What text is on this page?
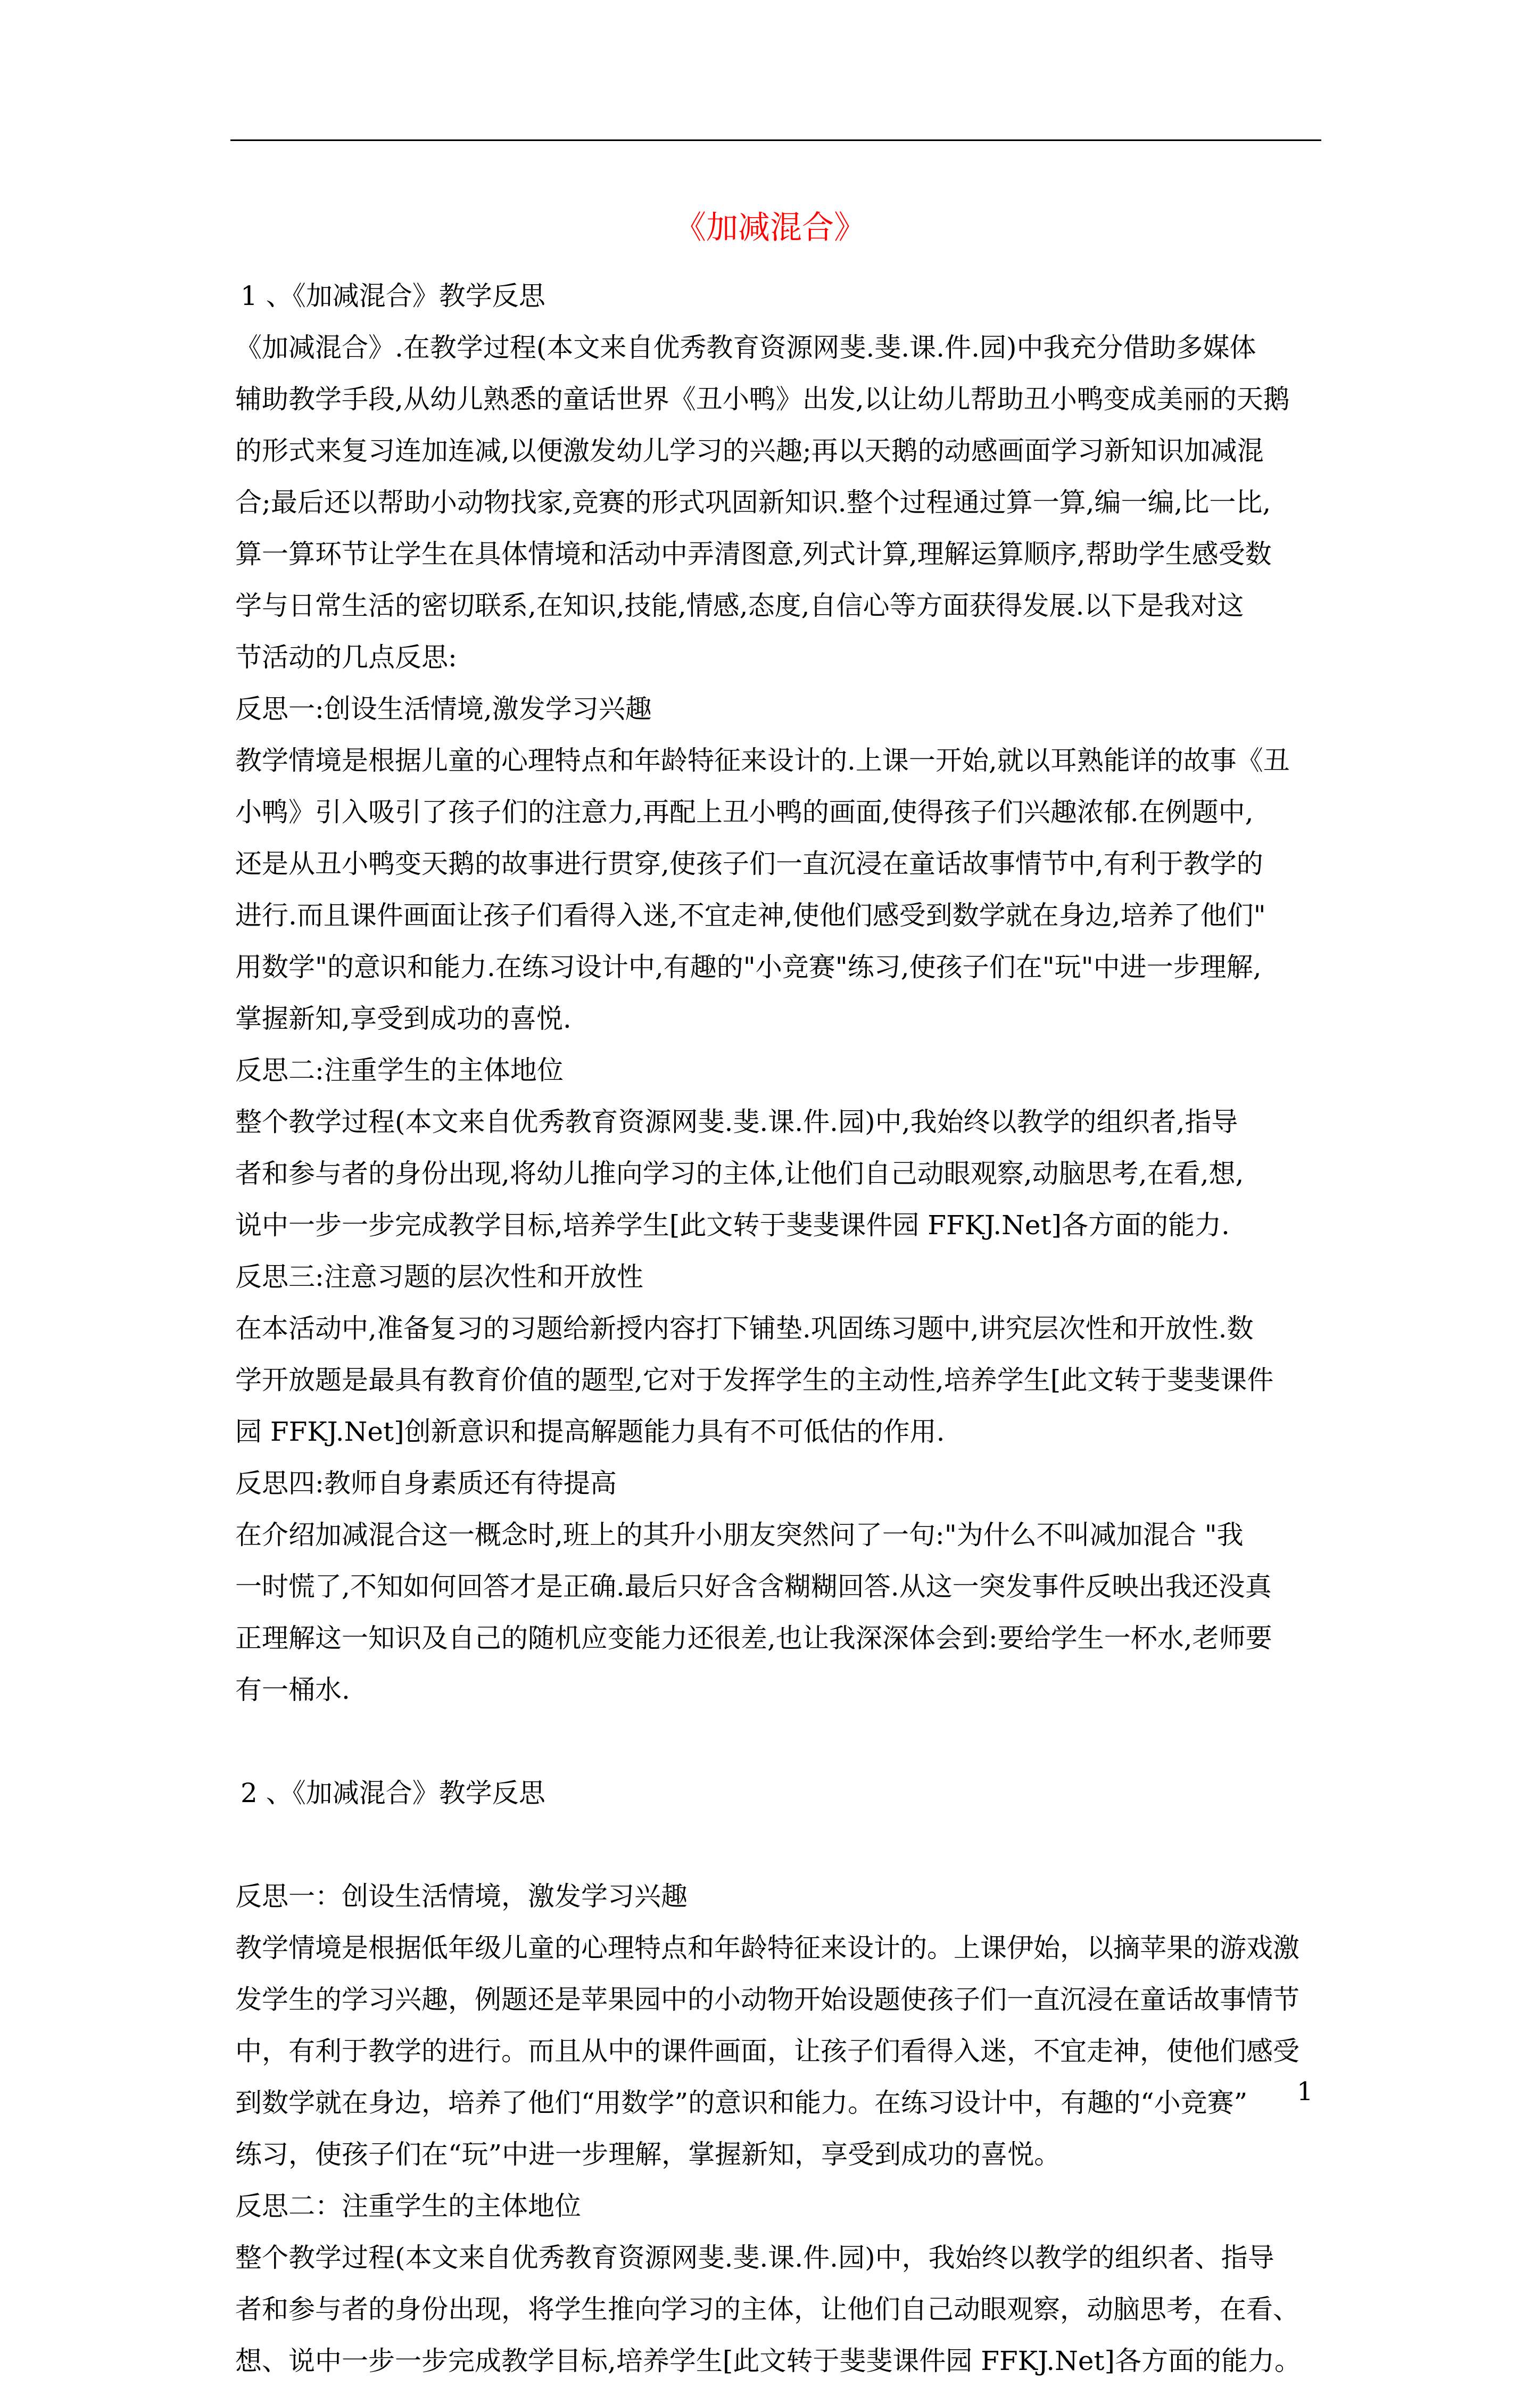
《加减混合》
1 、《加减混合》教学反思
《加减混合》.在教学过程(本文来自优秀教育资源网斐.斐.课.件.园)中我充分借助多媒体
辅助教学手段,从幼儿熟悉的童话世界《丑小鸭》出发,以让幼儿帮助丑小鸭变成美丽的天鹅
的形式来复习连加连减,以便激发幼儿学习的兴趣;再以天鹅的动感画面学习新知识加减混
合;最后还以帮助小动物找家,竞赛的形式巩固新知识.整个过程通过算一算,编一编,比一比,
算一算环节让学生在具体情境和活动中弄清图意,列式计算,理解运算顺序,帮助学生感受数
学与日常生活的密切联系,在知识,技能,情感,态度,自信心等方面获得发展.以下是我对这
节活动的几点反思:
反思一:创设生活情境,激发学习兴趣
教学情境是根据儿童的心理特点和年龄特征来设计的.上课一开始,就以耳熟能详的故事《丑
小鸭》引入吸引了孩子们的注意力,再配上丑小鸭的画面,使得孩子们兴趣浓郁.在例题中,
还是从丑小鸭变天鹅的故事进行贯穿,使孩子们一直沉浸在童话故事情节中,有利于教学的
进行.而且课件画面让孩子们看得入迷,不宜走神,使他们感受到数学就在身边,培养了他们"
用数学"的意识和能力.在练习设计中,有趣的"小竞赛"练习,使孩子们在"玩"中进一步理解,
掌握新知,享受到成功的喜悦.
反思二:注重学生的主体地位
整个教学过程(本文来自优秀教育资源网斐.斐.课.件.园)中,我始终以教学的组织者,指导
者和参与者的身份出现,将幼儿推向学习的主体,让他们自己动眼观察,动脑思考,在看,想,
说中一步一步完成教学目标,培养学生[此文转于斐斐课件园 FFKJ.Net]各方面的能力.
反思三:注意习题的层次性和开放性
在本活动中,准备复习的习题给新授内容打下铺垫.巩固练习题中,讲究层次性和开放性.数
学开放题是最具有教育价值的题型,它对于发挥学生的主动性,培养学生[此文转于斐斐课件
园 FFKJ.Net]创新意识和提高解题能力具有不可低估的作用.
反思四:教师自身素质还有待提高
在介绍加减混合这一概念时,班上的其升小朋友突然问了一句:"为什么不叫减加混合 "我
一时慌了,不知如何回答才是正确.最后只好含含糊糊回答.从这一突发事件反映出我还没真
正理解这一知识及自己的随机应变能力还很差,也让我深深体会到:要给学生一杯水,老师要
有一桶水.
2 、《加减混合》教学反思
反思一：创设生活情境，激发学习兴趣
教学情境是根据低年级儿童的心理特点和年龄特征来设计的。上课伊始，以摘苹果的游戏激
发学生的学习兴趣，例题还是苹果园中的小动物开始设题使孩子们一直沉浸在童话故事情节
中，有利于教学的进行。而且从中的课件画面，让孩子们看得入迷，不宜走神，使他们感受
到数学就在身边，培养了他们“用数学”的意识和能力。在练习设计中，有趣的“小竞赛”
练习，使孩子们在“玩”中进一步理解，掌握新知，享受到成功的喜悦。
反思二：注重学生的主体地位
整个教学过程(本文来自优秀教育资源网斐.斐.课.件.园)中，我始终以教学的组织者、指导
者和参与者的身份出现，将学生推向学习的主体，让他们自己动眼观察，动脑思考，在看、
想、说中一步一步完成教学目标,培养学生[此文转于斐斐课件园 FFKJ.Net]各方面的能力。
1
